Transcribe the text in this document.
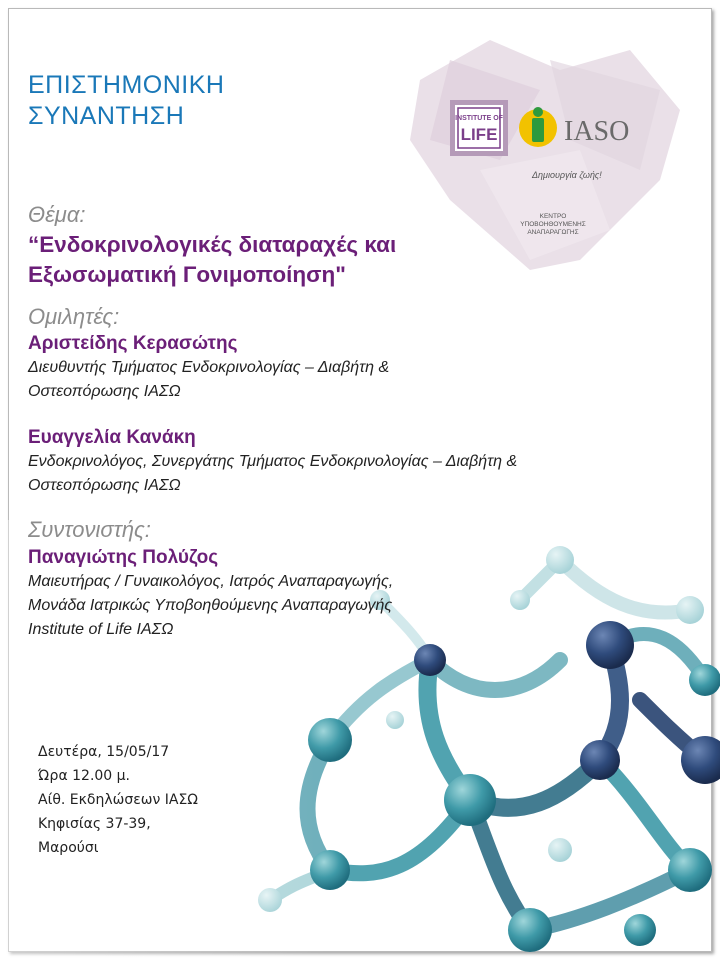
INSTITUTE OF
LIFE IASO
Δημιουργία ζωής!
ΚΕΝΤΡΟ
ΥΠΟΒΟΗΘΟΥΜΕΝΗΣ
ΑΝΑΠΑΡΑΓΩΓΗΣ

ΕΠΙΣΤΗΜΟΝΙΚΗ

ΣΥΝΑΝΤΗΣΗ

Θέμα:

“Ενδοκρινολογικές διαταραχές και

Εξωσωματική Γονιμοποίηση"

Ομιλητές:

Αριστείδης Κερασώτης

Διευθυντής Τμήματος Ενδοκρινολογίας – Διαβήτη &

Οστεοπόρωσης ΙΑΣΩ

Ευαγγελία Κανάκη

Ενδοκρινολόγος, Συνεργάτης Τμήματος Ενδοκρινολογίας – Διαβήτη &

Οστεοπόρωσης ΙΑΣΩ

Συντονιστής:

Παναγιώτης Πολύζος

Μαιευτήρας / Γυναικολόγος, Ιατρός Αναπαραγωγής,

Μονάδα Ιατρικώς Υποβοηθούμενης Αναπαραγωγής

Institute of Life ΙΑΣΩ

Δευτέρα, 15/05/17

Ώρα 12.00 μ.

Αίθ. Εκδηλώσεων ΙΑΣΩ

Κηφισίας 37-39,

Μαρούσι
